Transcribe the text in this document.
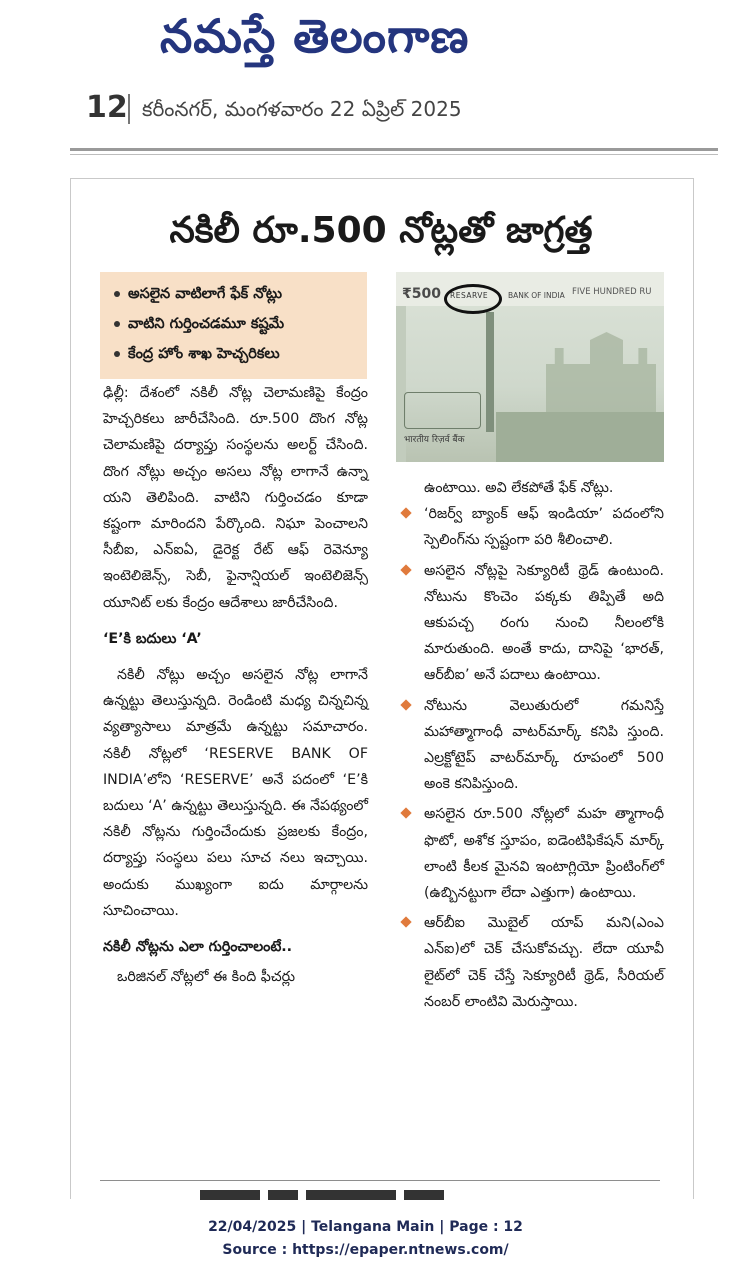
నమస్తే తెలంగాణ
12 కరీంనగర్, మంగళవారం 22 ఏప్రిల్ 2025
నకిలీ రూ.500 నోట్లతో జాగ్రత్త
అసలైన వాటిలాగే ఫేక్ నోట్లు
వాటిని గుర్తించడమూ కష్టమే
కేంద్ర హోం శాఖ హెచ్చరికలు
₹500 RESARVE	BANK OF INDIA FIVE HUNDRED RU
भारतीय रिज़र्व बैंक

ఢిల్లీ: దేశంలో నకిలీ నోట్ల చెలామణిపై కేంద్రం హెచ్చరికలు జారీచేసింది. రూ.500 దొంగ నోట్ల చెలామణిపై దర్యాప్తు సంస్థలను అలర్ట్ చేసింది. దొంగ నోట్లు అచ్చం అసలు నోట్ల లాగానే ఉన్నా యని తెలిపింది. వాటిని గుర్తించడం కూడా కష్టంగా మారిందని పేర్కొంది. నిఘా పెంచాలని సీబీఐ, ఎన్ఐఏ, డైరెక్ట రేట్ ఆఫ్ రెవెన్యూ ఇంటెలిజెన్స్, సెబీ, ఫైనాన్షియల్ ఇంటెలిజెన్స్ యూనిట్ లకు కేంద్రం ఆదేశాలు జారీచేసింది.

‘E’కి బదులు ‘A’

నకిలీ నోట్లు అచ్చం అసలైన నోట్ల లాగానే ఉన్నట్టు తెలుస్తున్నది. రెండింటి మధ్య చిన్నచిన్న వ్యత్యాసాలు మాత్రమే ఉన్నట్టు సమాచారం. నకిలీ నోట్లలో ‘RESERVE BANK OF INDIA’లోని ‘RESERVE’ అనే పదంలో ‘E’కి బదులు ‘A’ ఉన్నట్టు తెలుస్తున్నది. ఈ నేపథ్యంలో నకిలీ నోట్లను గుర్తించేందుకు ప్రజలకు కేంద్రం, దర్యాప్తు సంస్థలు పలు సూచ నలు ఇచ్చాయి. అందుకు ముఖ్యంగా ఐదు మార్గాలను సూచించాయి.

నకిలీ నోట్లను ఎలా గుర్తించాలంటే..

ఒరిజినల్ నోట్లలో ఈ కింది ఫీచర్లు

ఉంటాయి. అవి లేకపోతే ఫేక్ నోట్లు.

‘రిజర్వ్ బ్యాంక్ ఆఫ్ ఇండియా’ పదంలోని స్పెలింగ్‌ను స్పష్టంగా పరి శీలించాలి.

అసలైన నోట్లపై సెక్యూరిటీ థ్రెడ్ ఉంటుంది. నోటును కొంచెం పక్కకు తిప్పితే అది ఆకుపచ్చ రంగు నుంచి నీలంలోకి మారుతుంది. అంతే కాదు, దానిపై ‘భారత్, ఆర్‌బీఐ’ అనే పదాలు ఉంటాయి.

నోటును వెలుతురులో గమనిస్తే మహాత్మాగాంధీ వాటర్‌మార్క్ కనిపి స్తుంది. ఎల్రక్టోటైప్ వాటర్‌మార్క్ రూపంలో 500 అంకె కనిపిస్తుంది.

అసలైన రూ.500 నోట్లలో మహ త్మాగాంధీ ఫొటో, అశోక స్తూపం, ఐడెంటిఫికేషన్ మార్క్ లాంటి కీలక మైనవి ఇంటాగ్లియో ప్రింటింగ్‌లో (ఉబ్బినట్టుగా లేదా ఎత్తుగా) ఉంటాయి.

ఆర్‌బీఐ మొబైల్ యాప్ మని(ఎంఎ ఎన్ఐ)లో చెక్ చేసుకోవచ్చు. లేదా యూవీ లైట్‌లో చెక్ చేస్తే సెక్యూరిటీ థ్రెడ్, సీరియల్ నంబర్ లాంటివి మెరుస్తాయి.

22/04/2025 | Telangana Main | Page : 12
Source : https://epaper.ntnews.com/
